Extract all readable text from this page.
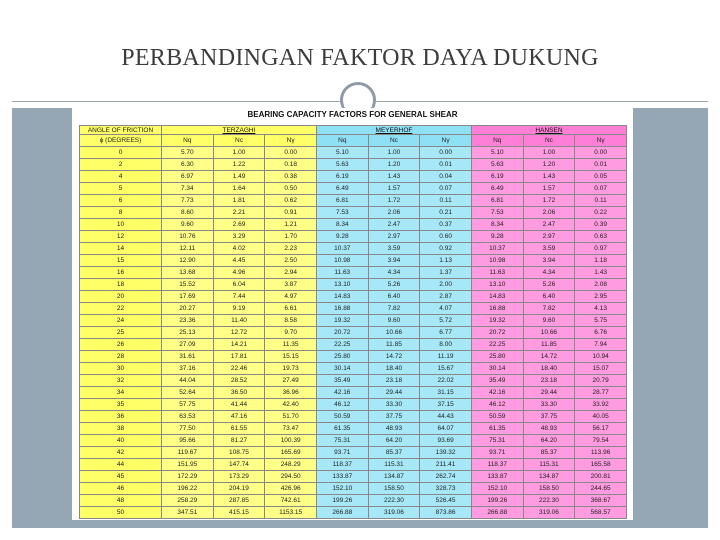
PERBANDINGAN FAKTOR DAYA DUKUNG
BEARING CAPACITY FACTORS FOR GENERAL SHEAR
ANGLE OF FRICTION	TERZAGHI			MEYERHOF			HANSEN		
ϕ (DEGREES)	Nq	Nc	Nγ	Nq	Nc	Nγ	Nq	Nc	Nγ
0	5.70	1.00	0.00	5.10	1.00	0.00	5.10	1.00	0.00
2	6.30	1.22	0.18	5.63	1.20	0.01	5.63	1.20	0.01
4	6.97	1.49	0.38	6.19	1.43	0.04	6.19	1.43	0.05
5	7.34	1.64	0.50	6.49	1.57	0.07	6.49	1.57	0.07
6	7.73	1.81	0.62	6.81	1.72	0.11	6.81	1.72	0.11
8	8.60	2.21	0.91	7.53	2.06	0.21	7.53	2.06	0.22
10	9.60	2.69	1.21	8.34	2.47	0.37	8.34	2.47	0.39
12	10.76	3.29	1.70	9.28	2.97	0.60	9.28	2.97	0.63
14	12.11	4.02	2.23	10.37	3.59	0.92	10.37	3.59	0.97
15	12.90	4.45	2.50	10.98	3.94	1.13	10.98	3.94	1.18
16	13.68	4.96	2.94	11.63	4.34	1.37	11.63	4.34	1.43
18	15.52	6.04	3.87	13.10	5.26	2.00	13.10	5.26	2.08
20	17.69	7.44	4.97	14.83	6.40	2.87	14.83	6.40	2.95
22	20.27	9.19	6.61	16.88	7.82	4.07	16.88	7.82	4.13
24	23.36	11.40	8.58	19.32	9.60	5.72	19.32	9.60	5.75
25	25.13	12.72	9.70	20.72	10.66	6.77	20.72	10.66	6.76
26	27.09	14.21	11.35	22.25	11.85	8.00	22.25	11.85	7.94
28	31.61	17.81	15.15	25.80	14.72	11.19	25.80	14.72	10.94
30	37.16	22.46	19.73	30.14	18.40	15.67	30.14	18.40	15.07
32	44.04	28.52	27.49	35.49	23.18	22.02	35.49	23.18	20.79
34	52.64	36.50	36.96	42.16	29.44	31.15	42.16	29.44	28.77
35	57.75	41.44	42.40	46.12	33.30	37.15	46.12	33.30	33.92
36	63.53	47.16	51.70	50.59	37.75	44.43	50.59	37.75	40.05
38	77.50	61.55	73.47	61.35	48.93	64.07	61.35	48.93	56.17
40	95.66	81.27	100.39	75.31	64.20	93.69	75.31	64.20	79.54
42	119.67	108.75	165.69	93.71	85.37	139.32	93.71	85.37	113.96
44	151.95	147.74	248.29	118.37	115.31	211.41	118.37	115.31	165.58
45	172.29	173.29	294.50	133.87	134.87	262.74	133.87	134.87	200.81
46	196.22	204.19	426.96	152.10	158.50	328.73	152.10	158.50	244.65
48	258.29	287.85	742.61	199.26	222.30	526.45	199.26	222.30	368.67
50	347.51	415.15	1153.15	266.88	319.06	873.86	266.88	319.06	568.57
